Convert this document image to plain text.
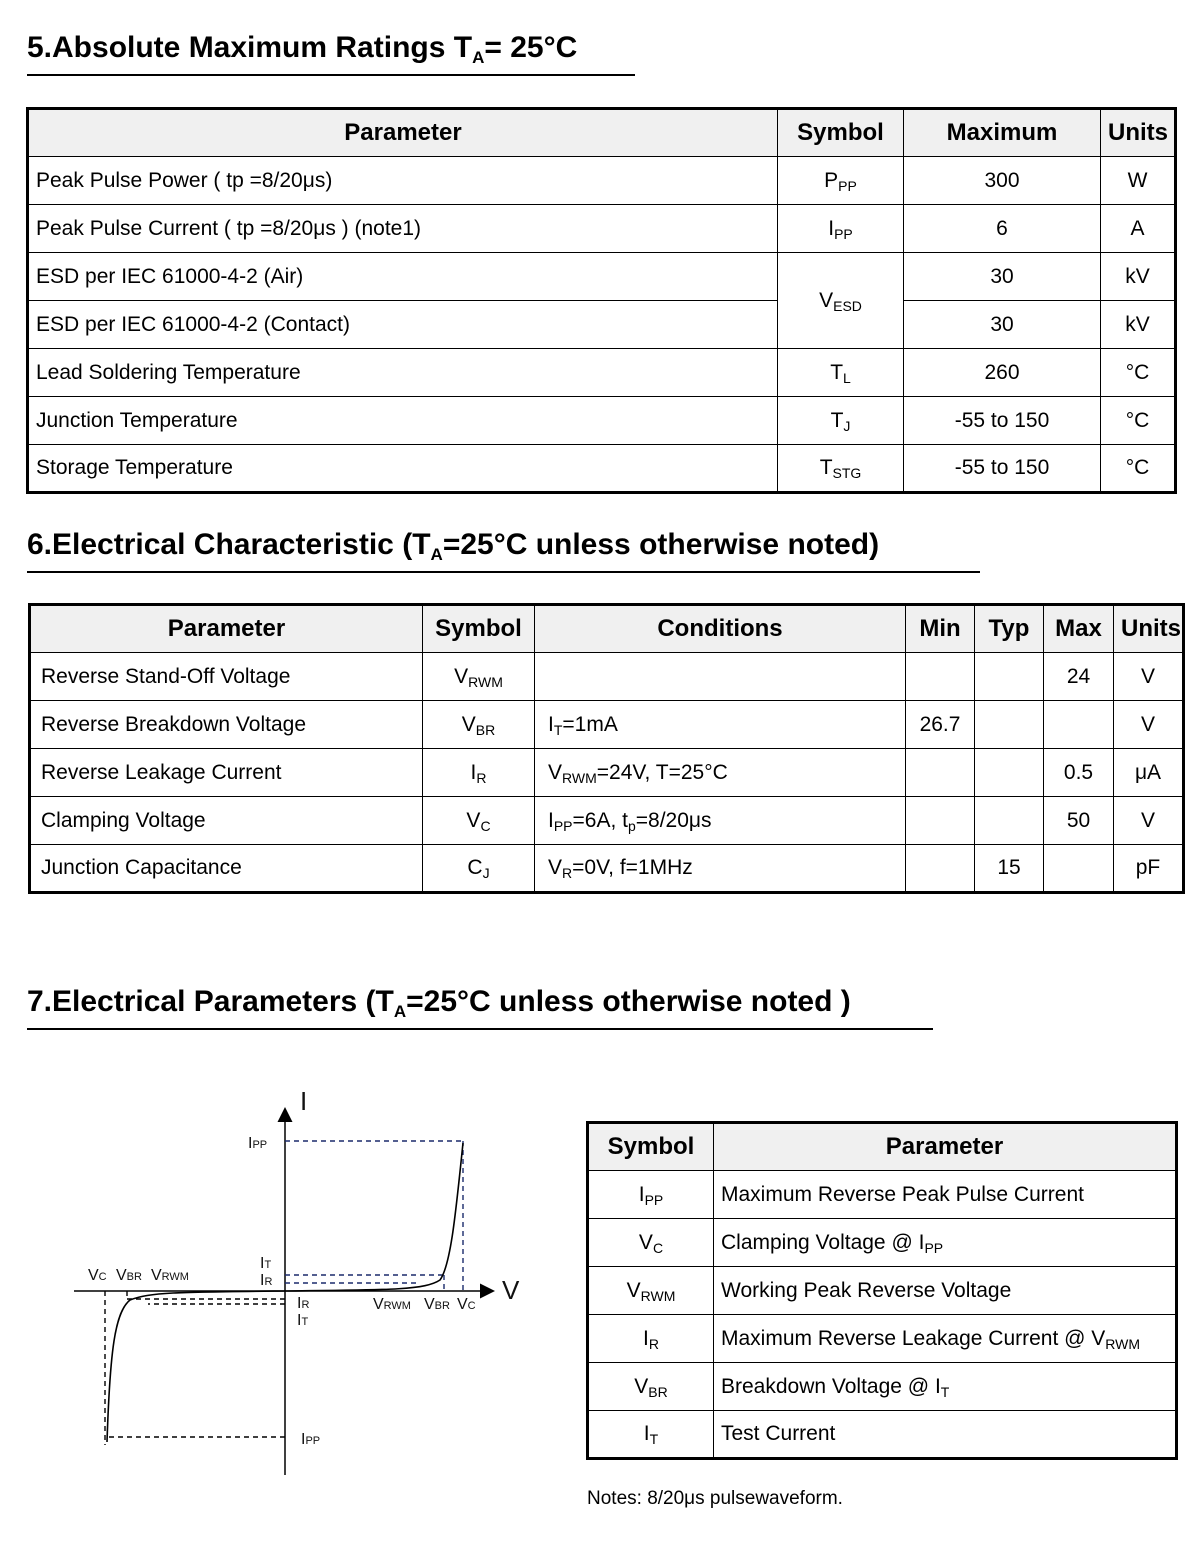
5.Absolute Maximum Ratings $T_A= 25^\circ C$
Parameter	Symbol	Maximum	Units
Peak Pulse Power ( tp =8/20μs)	$P_{PP}$	300	W
Peak Pulse Current ( tp =8/20μs ) (note1)	$I_{PP}$	6	A
ESD per IEC 61000-4-2 (Air)	$V_{ESD}$	30	kV
ESD per IEC 61000-4-2 (Contact)		30	kV
Lead Soldering Temperature	$T_L$	260	°C
Junction Temperature	$T_J$	-55 to 150	°C
Storage Temperature	$T_{STG}$	-55 to 150	°C
6.Electrical Characteristic ($T_A=25^\circ C$ unless otherwise noted)
Parameter	Symbol	Conditions	Min	Typ	Max	Units
Reverse Stand-Off Voltage	$V_{RWM}$				24	V
Reverse Breakdown Voltage	$V_{BR}$	$I_T=1mA$	26.7			V
Reverse Leakage Current	$I_R$	$V_{RWM}=24V$, T=25°C			0.5	μA
Clamping Voltage	$V_C$	$I_{PP}=6A$, $t_p=8/20\mu s$			50	V
Junction Capacitance	$C_J$	$V_R=0V$, f=1MHz		15		pF
7.Electrical Parameters ($T_A=25^\circ C$ unless otherwise noted )
I
V
IPP
IPP
IT
IR
IR
IT
VC VBR VRWM
VRWM VBR VC
Symbol	Parameter
$I_{PP}$	Maximum Reverse Peak Pulse Current
$V_C$	Clamping Voltage @ $I_{PP}$
$V_{RWM}$	Working Peak Reverse Voltage
$I_R$	Maximum Reverse Leakage Current @ $V_{RWM}$
$V_{BR}$	Breakdown Voltage @ $I_T$
$I_T$	Test Current
Notes: 8/20μs pulsewaveform.
